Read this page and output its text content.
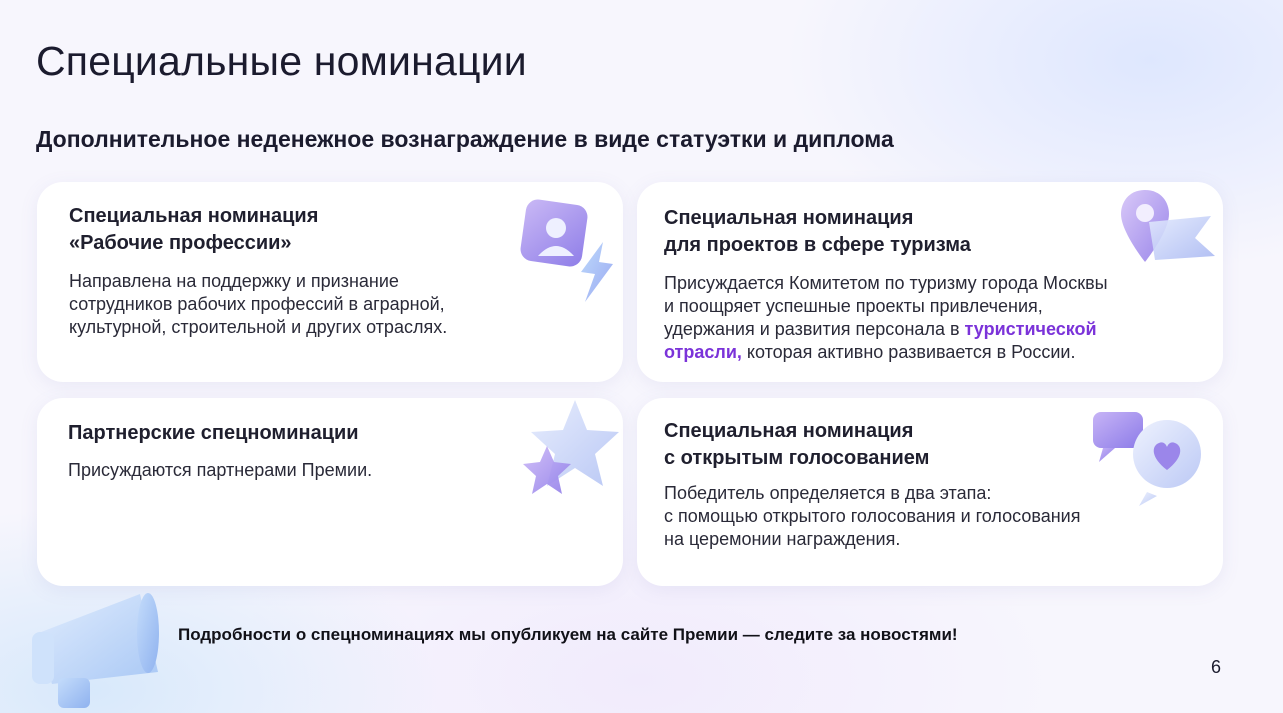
Специальные номинации
Дополнительное неденежное вознаграждение в виде статуэтки и диплома

Специальная номинация
«Рабочие профессии»

Направлена на поддержку и признание
сотрудников рабочих профессий в аграрной,
культурной, строительной и других отраслях.

Специальная номинация
для проектов в сфере туризма

Присуждается Комитетом по туризму города Москвы
и поощряет успешные проекты привлечения,
удержания и развития персонала в туристической
отрасли, которая активно развивается в России.

Партнерские спецноминации

Присуждаются партнерами Премии.

Специальная номинация
с открытым голосованием

Победитель определяется в два этапа:
с помощью открытого голосования и голосования
на церемонии награждения.

Подробности о спецноминациях мы опубликуем на сайте Премии — следите за новостями!

6
